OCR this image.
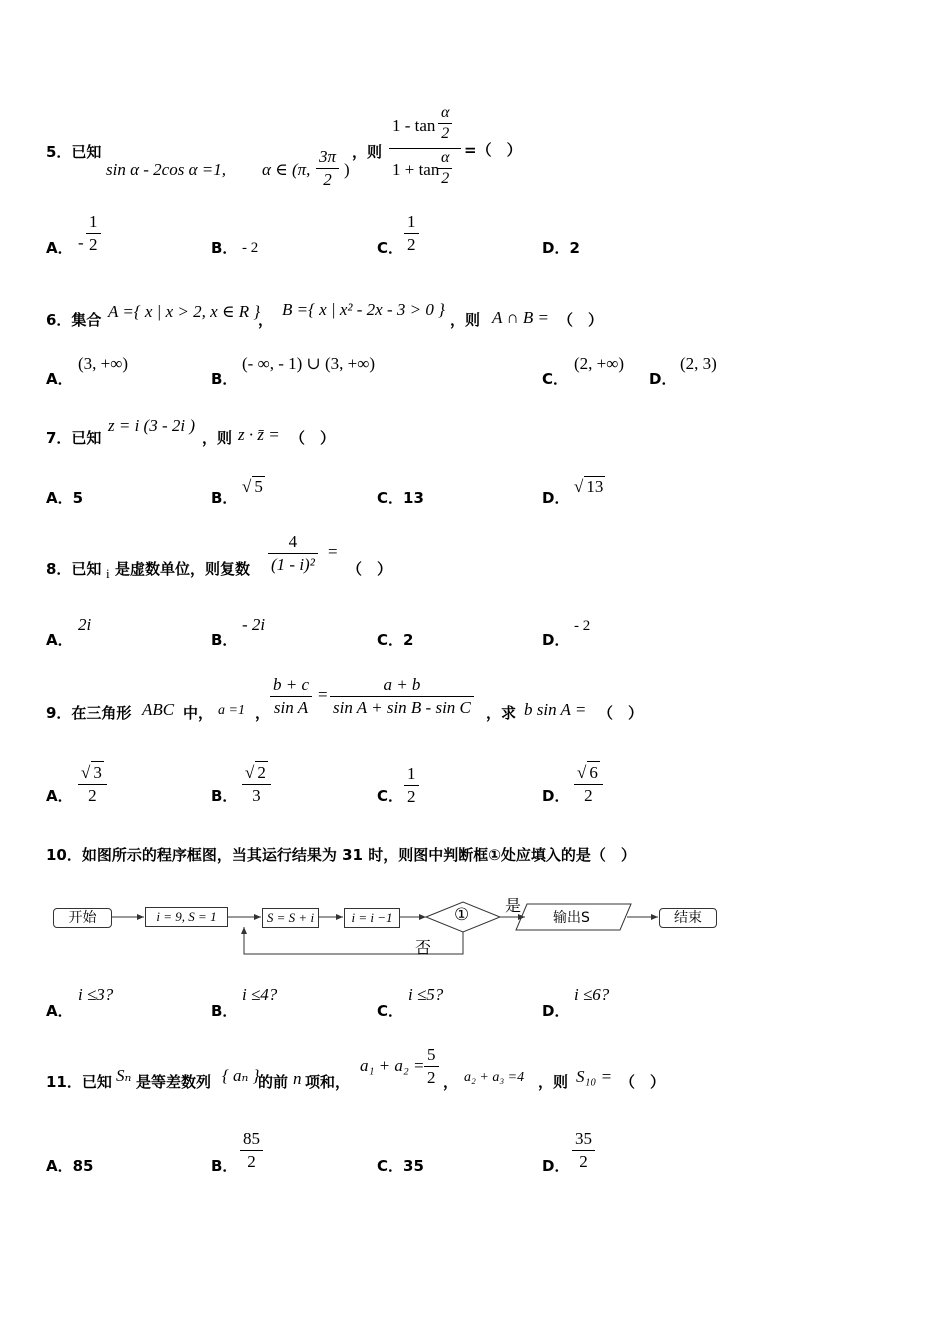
5．已知
sin α - 2cos α =1, α ∈ (π,
3π
2
)
，则
1 - tan
α
2
1 + tan
α
2
=（　）
A． -
1
2	B． - 2	C．
1
2	D．2
6．集合 A ={ x | x > 2, x ∈ R }
，
B ={ x | x² - 2x - 3 > 0 }
，则 A ∩ B = （　）
A．
(3, +∞)
B．
(- ∞, - 1) ∪ (3, +∞)
C．
(2, +∞)
D．
(2, 3)
7．已知
z = i (3 - 2i )
，则 z · z̄ = （　）
A．5	B．
√ 5
C．13	D．
√ 13
8．已知 i 是虚数单位，则复数
4
(1 - i)²
=
（　）
A．
2i
B．
- 2i
C．2	D．
- 2
9．在三角形 ABC 中， a =1 ，
b + c
sin A
=
a + b
sin A + sin B - sin C ，求 b sin A = （　）
A．
√ 3
2	B．
√ 2
3	C．
1
2	D．
√ 6
2
10．如图所示的程序框图，当其运行结果为 31 时，则图中判断框①处应填入的是（　）
开始	i = 9, S = 1	S = S + i	i = i −1	① 是
否
输出S	结束
A．
i ≤3?
B．
i ≤4?
C．
i ≤5?
D．
i ≤6?
11．已知 Sₙ 是等差数列 { aₙ }
的前 n 项和，
a₁ + a₂ =
5
2 ， a₂ + a₃ =4 ，则 S₁₀ = （　）
A．85	B．
85
2	C．35	D．
35
2
